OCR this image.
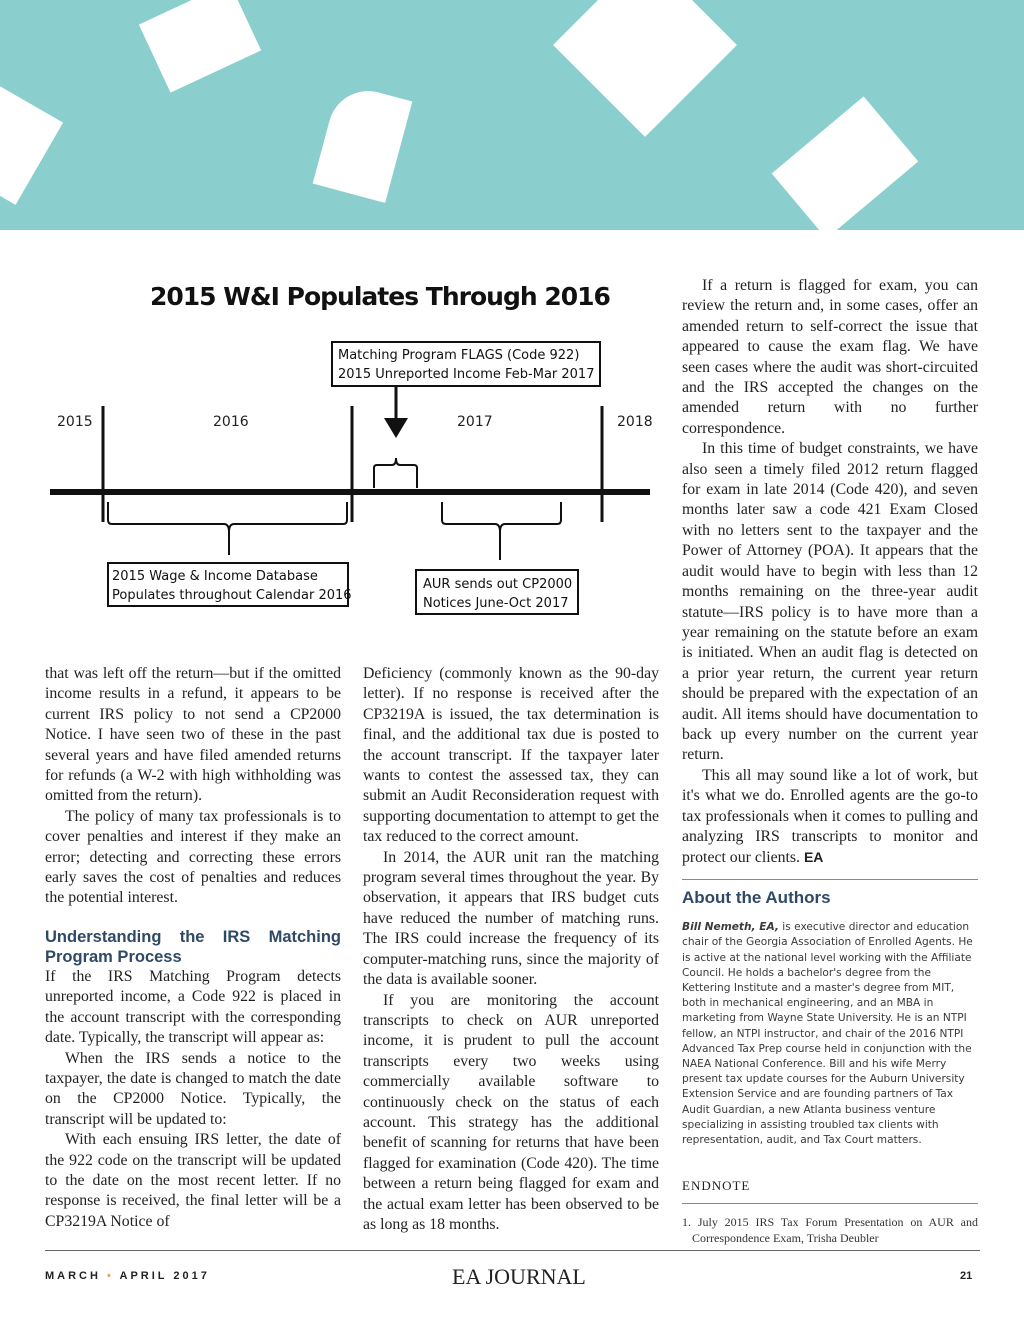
2015 W&I Populates Through 2016
Matching Program FLAGS (Code 922)
2015 Unreported Income Feb-Mar 2017
2015	2016	2017	2018
2015 Wage & Income Database
Populates throughout Calendar 2016
AUR sends out CP2000
Notices June-Oct 2017

that was left off the return—but if the omitted income results in a refund, it appears to be current IRS policy to not send a CP2000 Notice. I have seen two of these in the past several years and have filed amended returns for refunds (a W-2 with high withholding was omitted from the return).

The policy of many tax professionals is to cover penalties and interest if they make an error; detecting and correcting these errors early saves the cost of penalties and reduces the potential interest.

Understanding the IRS Matching Program Process

If the IRS Matching Program detects unreported income, a Code 922 is placed in the account transcript with the corresponding date. Typically, the transcript will appear as:

When the IRS sends a notice to the taxpayer, the date is changed to match the date on the CP2000 Notice. Typically, the transcript will be updated to:

With each ensuing IRS letter, the date of the 922 code on the transcript will be updated to the date on the most recent letter. If no response is received, the final letter will be a CP3219A Notice of

Deficiency (commonly known as the 90-day letter). If no response is received after the CP3219A is issued, the tax determination is final, and the additional tax due is posted to the account transcript. If the taxpayer later wants to contest the assessed tax, they can submit an Audit Reconsideration request with supporting documentation to attempt to get the tax reduced to the correct amount.

In 2014, the AUR unit ran the matching program several times throughout the year. By observation, it appears that IRS budget cuts have reduced the number of matching runs. The IRS could increase the frequency of its computer-matching runs, since the majority of the data is available sooner.

If you are monitoring the account transcripts to check on AUR unreported income, it is prudent to pull the account transcripts every two weeks using commercially available software to continuously check on the status of each account. This strategy has the additional benefit of scanning for returns that have been flagged for examination (Code 420). The time between a return being flagged for exam and the actual exam letter has been observed to be as long as 18 months.

If a return is flagged for exam, you can review the return and, in some cases, offer an amended return to self-correct the issue that appeared to cause the exam flag. We have seen cases where the audit was short-circuited and the IRS accepted the changes on the amended return with no further correspondence.

In this time of budget constraints, we have also seen a timely filed 2012 return flagged for exam in late 2014 (Code 420), and seven months later saw a code 421 Exam Closed with no letters sent to the taxpayer and the Power of Attorney (POA). It appears that the audit would have to begin with less than 12 months remaining on the three-year audit statute—IRS policy is to have more than a year remaining on the statute before an exam is initiated. When an audit flag is detected on a prior year return, the current year return should be prepared with the expectation of an audit. All items should have documentation to back up every number on the current year return.

This all may sound like a lot of work, but it's what we do. Enrolled agents are the go-to tax professionals when it comes to pulling and analyzing IRS transcripts to monitor and protect our clients. EA

About the Authors
Bill Nemeth, EA, is executive director and education chair of the Georgia Association of Enrolled Agents. He is active at the national level working with the Affiliate Council. He holds a bachelor's degree from the Kettering Institute and a master's degree from MIT, both in mechanical engineering, and an MBA in marketing from Wayne State University. He is an NTPI fellow, an NTPI instructor, and chair of the 2016 NTPI Advanced Tax Prep course held in conjunction with the NAEA National Conference. Bill and his wife Merry present tax update courses for the Auburn University Extension Service and are founding partners of Tax Audit Guardian, a new Atlanta business venture specializing in assisting troubled tax clients with representation, audit, and Tax Court matters.
ENDNOTE
1. July 2015 IRS Tax Forum Presentation on AUR and Correspondence Exam, Trisha Deubler
MARCH • APRIL 2017	EA JOURNAL	21
